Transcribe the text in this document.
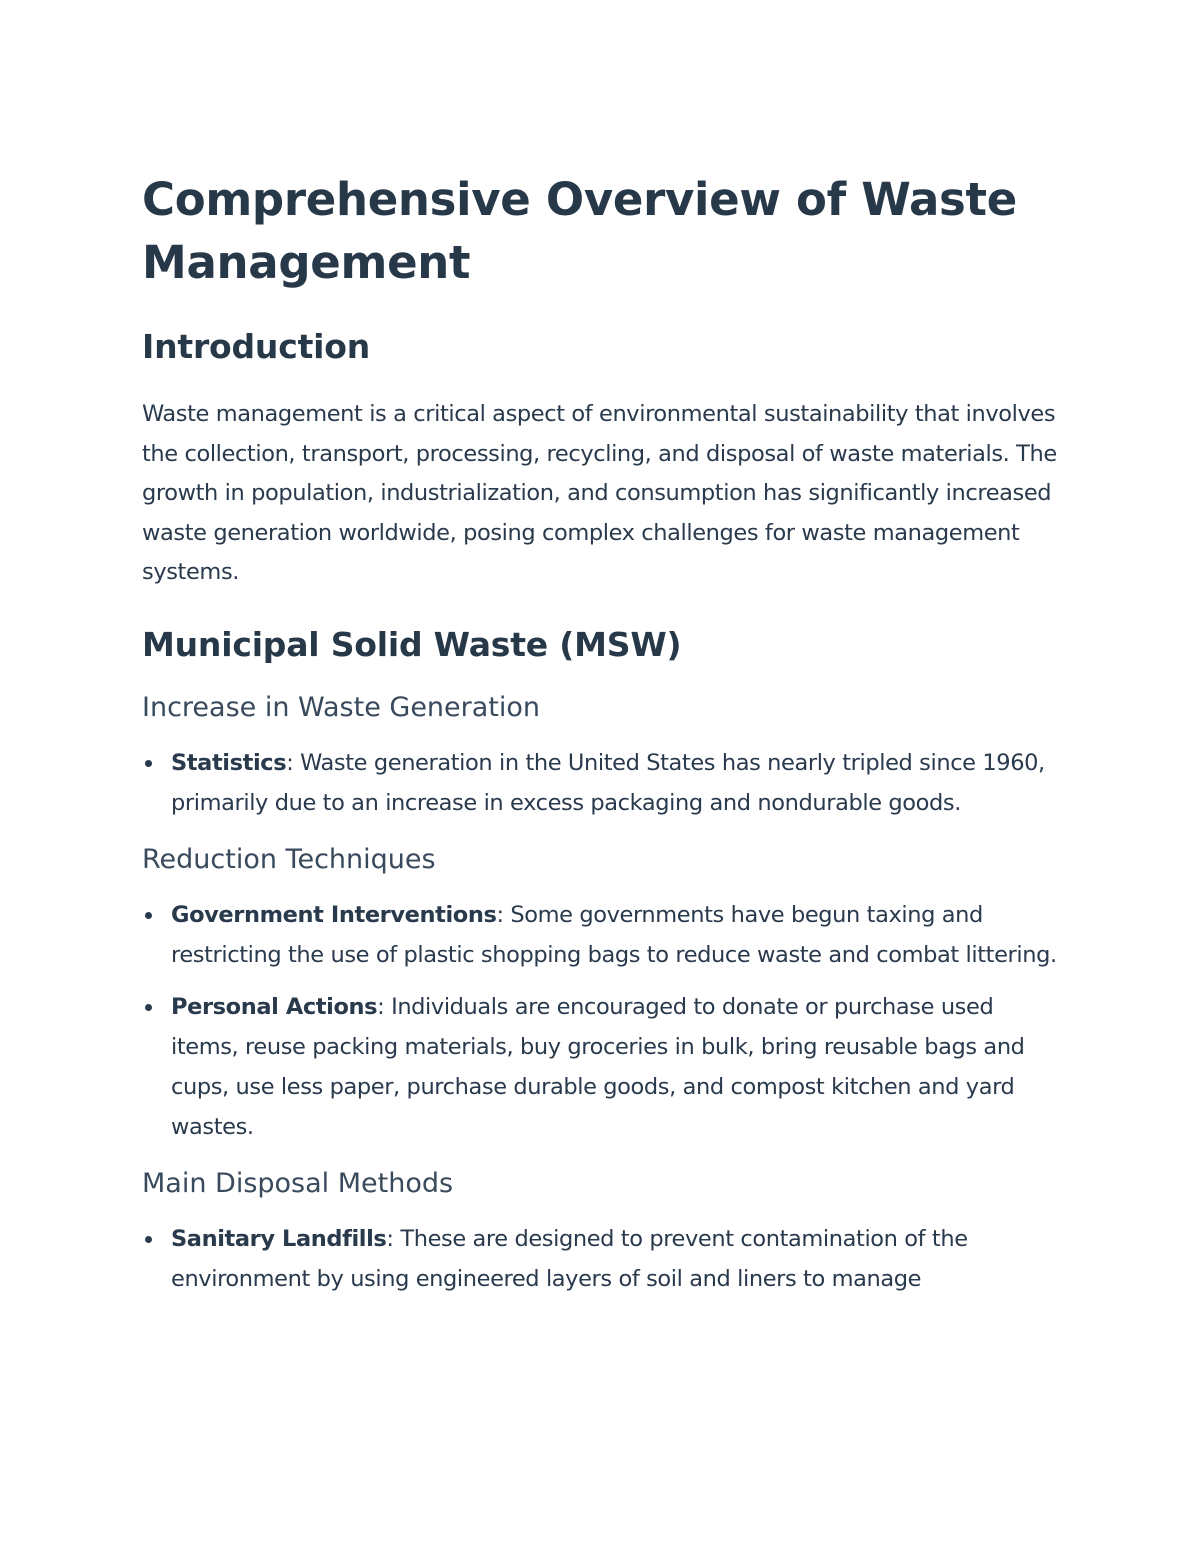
Comprehensive Overview of Waste Management
Introduction

Waste management is a critical aspect of environmental sustainability that involves the collection, transport, processing, recycling, and disposal of waste materials. The growth in population, industrialization, and consumption has significantly increased waste generation worldwide, posing complex challenges for waste management systems.

Municipal Solid Waste (MSW)
Increase in Waste Generation
Statistics: Waste generation in the United States has nearly tripled since 1960, primarily due to an increase in excess packaging and nondurable goods.
Reduction Techniques
Government Interventions: Some governments have begun taxing and restricting the use of plastic shopping bags to reduce waste and combat littering.
Personal Actions: Individuals are encouraged to donate or purchase used items, reuse packing materials, buy groceries in bulk, bring reusable bags and cups, use less paper, purchase durable goods, and compost kitchen and yard wastes.
Main Disposal Methods
Sanitary Landfills: These are designed to prevent contamination of the environment by using engineered layers of soil and liners to manage
